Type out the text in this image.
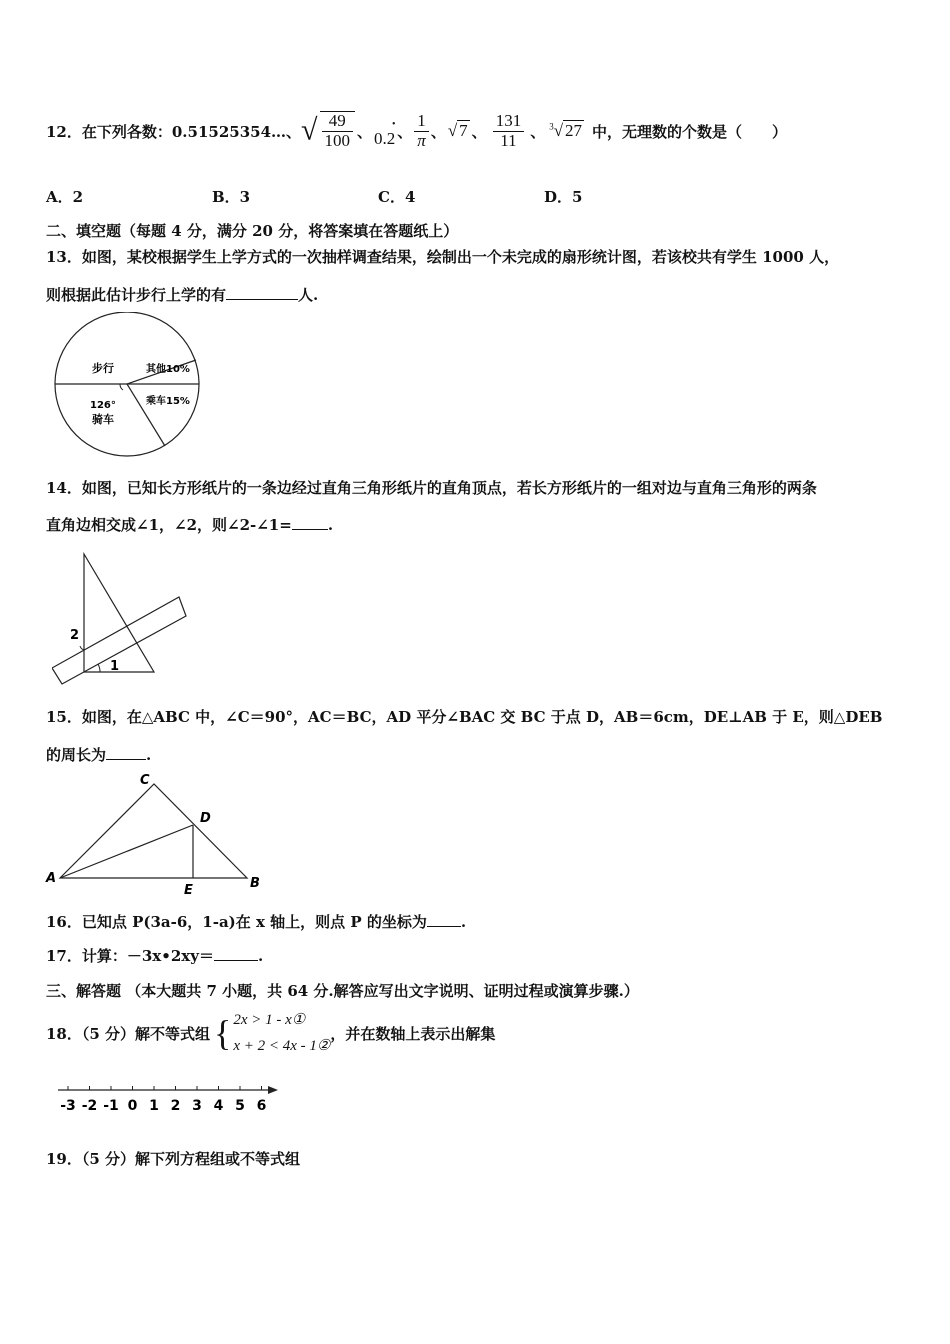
12．在下列各数：0.51525354…、 √ $\frac{49}{100}$ 、
• 0.2 、 $\frac{1}{\pi}$ 、 √ 7 、 $\frac{131}{11}$ 、 $^3$√ 27 中，无理数的个数是（　　）
A．2	B．3	C．4	D．5
二、填空题（每题 4 分，满分 20 分，将答案填在答题纸上）
13．如图，某校根据学生上学方式的一次抽样调查结果，绘制出一个未完成的扇形统计图，若该校共有学生 1000 人，
则根据此估计步行上学的有	人.
步行	其他10%
乘车15%
126°
骑车
14．如图，已知长方形纸片的一条边经过直角三角形纸片的直角顶点，若长方形纸片的一组对边与直角三角形的两条
直角边相交成∠1，∠2，则∠2-∠1= .
1
2
15．如图，在△ABC 中，∠C＝90°，AC＝BC，AD 平分∠BAC 交 BC 于点 D，AB＝6cm，DE⊥AB 于 E，则△DEB
的周长为	.
A	B
C
D
E
16．已知点 P(3a-6，1-a)在 x 轴上，则点 P 的坐标为 .
17．计算：－3x•2xy＝	.
三、解答题 （本大题共 7 小题，共 64 分.解答应写出文字说明、证明过程或演算步骤.）
18．（5 分）解不等式组 { 2x > 1 - x①
x + 2 < 4x - 1②
，并在数轴上表示出解集
-3 -2 -1 0 1 2 3 4 5 6
19．（5 分）解下列方程组或不等式组
